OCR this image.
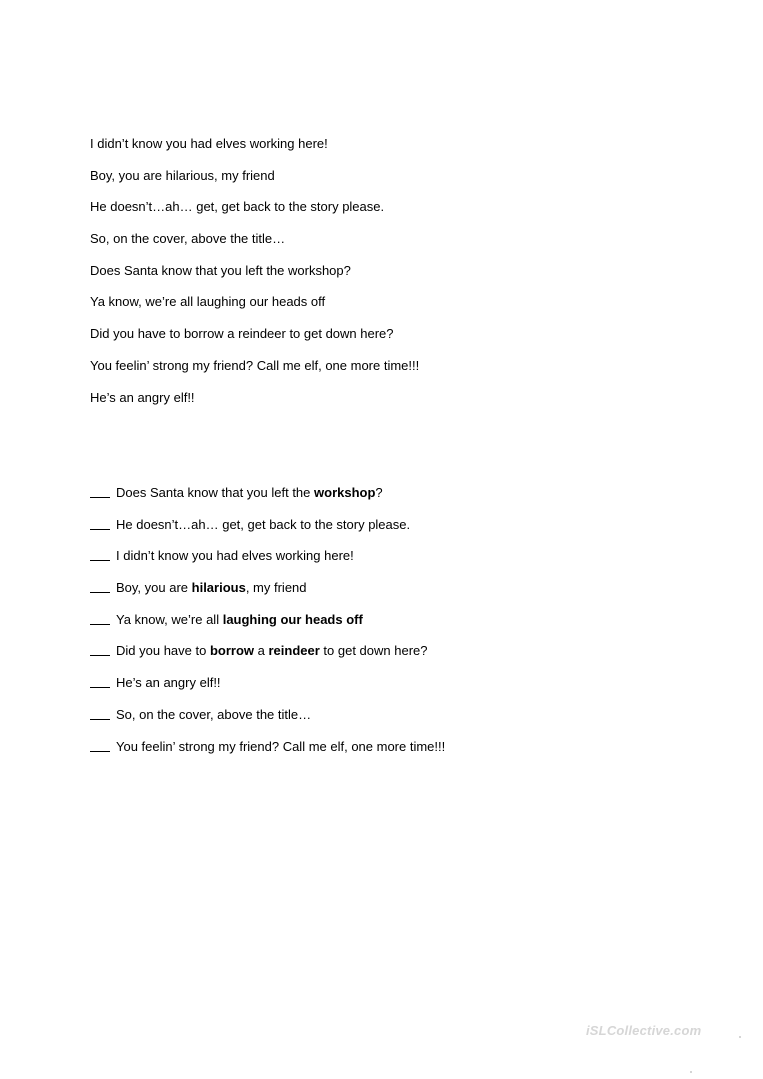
I didn’t know you had elves working here!
Boy, you are hilarious, my friend
He doesn’t…ah… get, get back to the story please.
So, on the cover, above the title…
Does Santa know that you left the workshop?
Ya know, we’re all laughing our heads off
Did you have to borrow a reindeer to get down here?
You feelin’ strong my friend? Call me elf, one more time!!!
He’s an angry elf!!
Does Santa know that you left the workshop?
He doesn’t…ah… get, get back to the story please.
I didn’t know you had elves working here!
Boy, you are hilarious, my friend
Ya know, we’re all laughing our heads off
Did you have to borrow a reindeer to get down here?
He’s an angry elf!!
So, on the cover, above the title…
You feelin’ strong my friend? Call me elf, one more time!!!
iSLCollective.com
